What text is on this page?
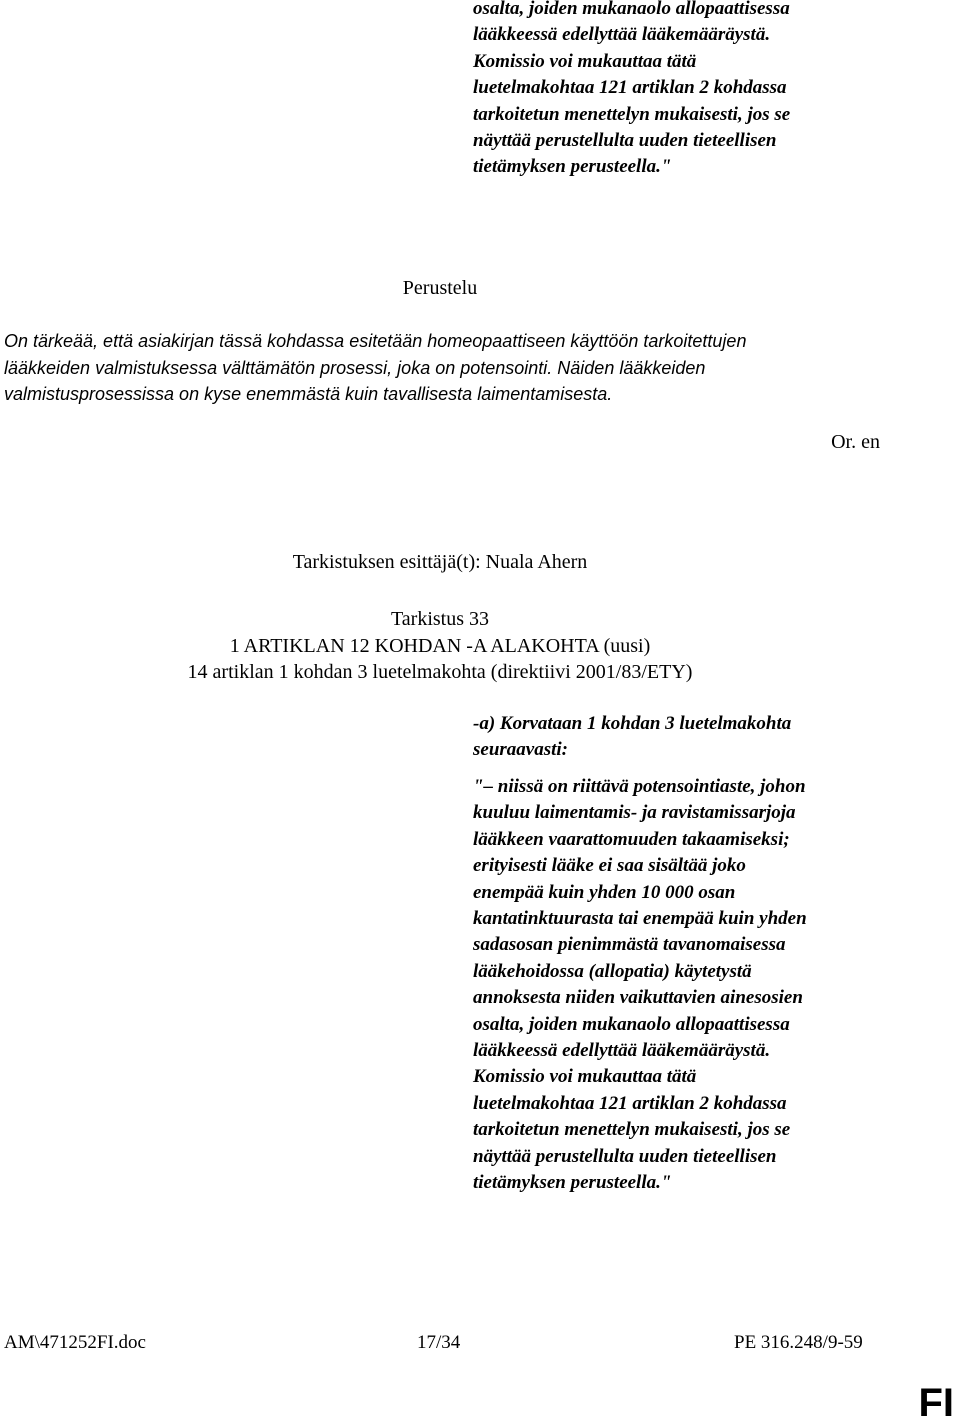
osalta, joiden mukanaolo allopaattisessa
lääkkeessä edellyttää lääkemääräystä.
Komissio voi mukauttaa tätä
luetelmakohtaa 121 artiklan 2 kohdassa
tarkoitetun menettelyn mukaisesti, jos se
näyttää perustellulta uuden tieteellisen
tietämyksen perusteella."
Perustelu
On tärkeää, että asiakirjan tässä kohdassa esitetään homeopaattiseen käyttöön tarkoitettujen
lääkkeiden valmistuksessa välttämätön prosessi, joka on potensointi. Näiden lääkkeiden
valmistusprosessissa on kyse enemmästä kuin tavallisesta laimentamisesta.
Or. en
Tarkistuksen esittäjä(t): Nuala Ahern
Tarkistus 33
1 ARTIKLAN 12 KOHDAN -A ALAKOHTA (uusi)
14 artiklan 1 kohdan 3 luetelmakohta (direktiivi 2001/83/ETY)
-a) Korvataan 1 kohdan 3 luetelmakohta
seuraavasti:
"– niissä on riittävä potensointiaste, johon
kuuluu laimentamis- ja ravistamissarjoja
lääkkeen vaarattomuuden takaamiseksi;
erityisesti lääke ei saa sisältää joko
enempää kuin yhden 10 000 osan
kantatinktuurasta tai enempää kuin yhden
sadasosan pienimmästä tavanomaisessa
lääkehoidossa (allopatia) käytetystä
annoksesta niiden vaikuttavien ainesosien
osalta, joiden mukanaolo allopaattisessa
lääkkeessä edellyttää lääkemääräystä.
Komissio voi mukauttaa tätä
luetelmakohtaa 121 artiklan 2 kohdassa
tarkoitetun menettelyn mukaisesti, jos se
näyttää perustellulta uuden tieteellisen
tietämyksen perusteella."
AM\471252FI.doc	17/34	PE 316.248/9-59
FI
